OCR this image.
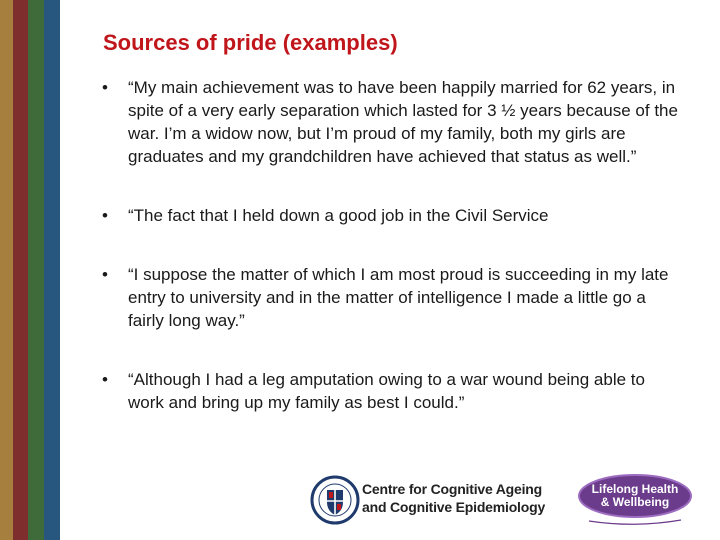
Sources of pride (examples)
• “My main achievement was to have been happily married for 62 years, in spite of a very early separation which lasted for 3 ½ years because of the war. I’m a widow now, but I’m proud of my family, both my girls are graduates and my grandchildren have achieved that status as well.”
• “The fact that I held down a good job in the Civil Service
• “I suppose the matter of which I am most proud is succeeding in my late entry to university and in the matter of intelligence I made a little go a fairly long way.”
• “Although I had a leg amputation owing to a war wound being able to work and bring up my family as best I could.”
Centre for Cognitive Ageing
and Cognitive Epidemiology
Lifelong Health
& Wellbeing
